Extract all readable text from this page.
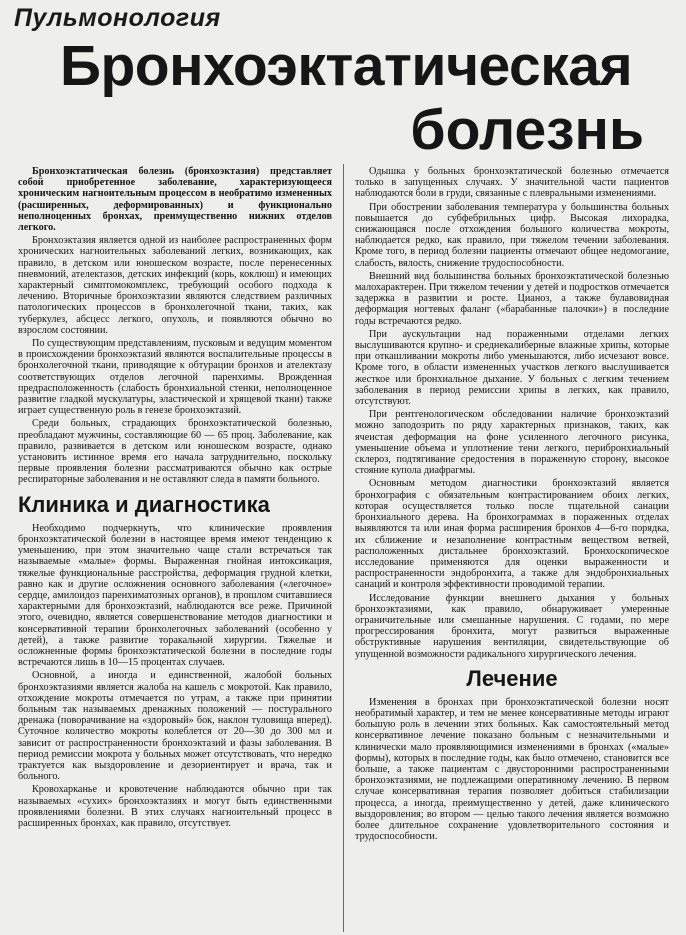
Пульмонология
Бронхоэктатическая
болезнь

Бронхоэктатическая болезнь (бронхоэктазия) представляет собой приобретенное заболевание, характеризующееся хроническим нагноительным процессом в необратимо измененных (расширенных, деформированных) и функционально неполноценных бронхах, преимущественно нижних отделов легкого.

Бронхоэктазия является одной из наиболее распространенных форм хронических нагноительных заболеваний легких, возникающих, как правило, в детском или юношеском возрасте, после перенесенных пневмоний, ателектазов, детских инфекций (корь, коклюш) и имеющих характерный симптомокомплекс, требующий особого подхода к лечению. Вторичные бронхоэктазии являются следствием различных патологических процессов в бронхолегочной ткани, таких, как туберкулез, абсцесс легкого, опухоль, и появляются обычно во взрослом состоянии.

По существующим представлениям, пусковым и ведущим моментом в происхождении бронхоэктазий являются воспалительные процессы в бронхолегочной ткани, приводящие к обтурации бронхов и ателектазу соответствующих отделов легочной паренхимы. Врожденная предрасположенность (слабость бронхиальной стенки, неполноценное развитие гладкой мускулатуры, эластической и хрящевой ткани) также играет существенную роль в генезе бронхоэктазий.

Среди больных, страдающих бронхоэктатической болезнью, преобладают мужчины, составляющие 60 — 65 проц. Заболевание, как правило, развивается в детском или юношеском возрасте, однако установить истинное время его начала затруднительно, поскольку первые проявления болезни рассматриваются обычно как острые респираторные заболевания и не оставляют следа в памяти больного.

Клиника и диагностика

Необходимо подчеркнуть, что клинические проявления бронхоэктатической болезни в настоящее время имеют тенденцию к уменьшению, при этом значительно чаще стали встречаться так называемые «малые» формы. Выраженная гнойная интоксикация, тяжелые функциональные расстройства, деформация грудной клетки, равно как и другие осложнения основного заболевания («легочное» сердце, амилоидоз паренхиматозных органов), в прошлом считавшиеся характерными для бронхоэктазий, наблюдаются все реже. Причиной этого, очевидно, является совершенствование методов диагностики и консервативной терапии бронхолегочных заболеваний (особенно у детей), а также развитие торакальной хирургии. Тяжелые и осложненные формы бронхоэктатической болезни в последние годы встречаются лишь в 10—15 процентах случаев.

Основной, а иногда и единственной, жалобой больных бронхоэктазиями является жалоба на кашель с мокротой. Как правило, отхождение мокроты отмечается по утрам, а также при принятии больным так называемых дренажных положений — постурального дренажа (поворачивание на «здоровый» бок, наклон туловища вперед). Суточное количество мокроты колеблется от 20—30 до 300 мл и зависит от распространенности бронхоэктазий и фазы заболевания. В период ремиссии мокрота у больных может отсутствовать, что нередко трактуется как выздоровление и дезориентирует и врача, так и больного.

Кровохарканье и кровотечение наблюдаются обычно при так называемых «сухих» бронхоэктазиях и могут быть единственными проявлениями болезни. В этих случаях нагноительный процесс в расширенных бронхах, как правило, отсутствует.

Одышка у больных бронхоэктатической болезнью отмечается только в запущенных случаях. У значительной части пациентов наблюдаются боли в груди, связанные с плевральными изменениями.

При обострении заболевания температура у большинства больных повышается до субфебрильных цифр. Высокая лихорадка, снижающаяся после отхождения большого количества мокроты, наблюдается редко, как правило, при тяжелом течении заболевания. Кроме того, в период болезни пациенты отмечают общее недомогание, слабость, вялость, снижение трудоспособности.

Внешний вид большинства больных бронхоэктатической болезнью малохарактерен. При тяжелом течении у детей и подростков отмечается задержка в развитии и росте. Цианоз, а также булавовидная деформация ногтевых фаланг («барабанные палочки») в последние годы встречаются редко.

При аускультации над пораженными отделами легких выслушиваются крупно- и среднекалиберные влажные хрипы, которые при откашливании мокроты либо уменьшаются, либо исчезают вовсе. Кроме того, в области измененных участков легкого выслушивается жесткое или бронхиальное дыхание. У больных с легким течением заболевания в период ремиссии хрипы в легких, как правило, отсутствуют.

При рентгенологическом обследовании наличие бронхоэктазий можно заподозрить по ряду характерных признаков, таких, как ячеистая деформация на фоне усиленного легочного рисунка, уменьшение объема и уплотнение тени легкого, перибронхиальный склероз, подтягивание средостения в пораженную сторону, высокое стояние купола диафрагмы.

Основным методом диагностики бронхоэктазий является бронхография с обязательным контрастированием обоих легких, которая осуществляется только после тщательной санации бронхиального дерева. На бронхограммах в пораженных отделах выявляются та или иная форма расширения бронхов 4—6-го порядка, их сближение и незаполнение контрастным веществом ветвей, расположенных дистальнее бронхоэктазий. Бронхоскопическое исследование применяются для оценки выраженности и распространенности эндобронхита, а также для эндобронхиальных санаций и контроля эффективности проводимой терапии.

Исследование функции внешнего дыхания у больных бронхоэктазиями, как правило, обнаруживает умеренные ограничительные или смешанные нарушения. С годами, по мере прогрессирования бронхита, могут развиться выраженные обструктивные нарушения вентиляции, свидетельствующие об упущенной возможности радикального хирургического лечения.

Лечение

Изменения в бронхах при бронхоэктатической болезни носят необратимый характер, и тем не менее консервативные методы играют большую роль в лечении этих больных. Как самостоятельный метод консервативное лечение показано больным с незначительными и клинически мало проявляющимися изменениями в бронхах («малые» формы), которых в последние годы, как было отмечено, становится все больше, а также пациентам с двусторонними распространенными бронхоэктазиями, не подлежащими оперативному лечению. В первом случае консервативная терапия позволяет добиться стабилизации процесса, а иногда, преимущественно у детей, даже клинического выздоровления; во втором — целью такого лечения является возможно более длительное сохранение удовлетворительного состояния и трудоспособности.
